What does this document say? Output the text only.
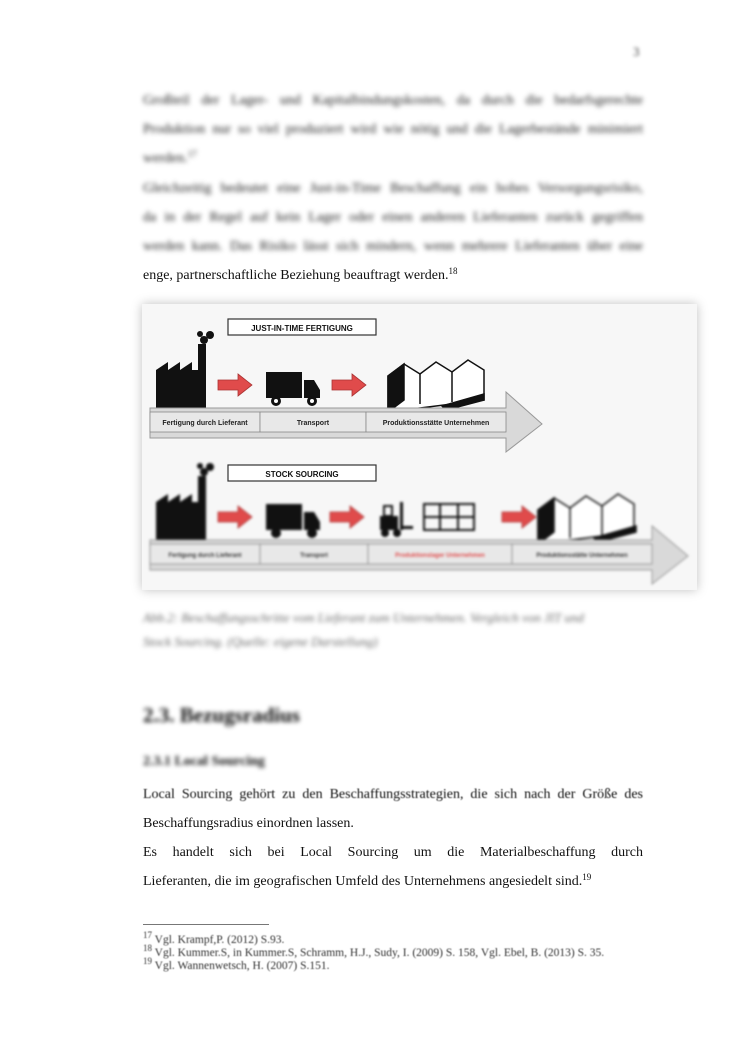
3
Großteil der Lager- und Kapitalbindungskosten, da durch die bedarfsgerechte
Produktion nur so viel produziert wird wie nötig und die Lagerbestände minimiert
werden.$^{17}$
Gleichzeitig bedeutet eine Just-in-Time Beschaffung ein hohes Versorgungsrisiko,
da in der Regel auf kein Lager oder einen anderen Lieferanten zurück gegriffen
werden kann. Das Risiko lässt sich mindern, wenn mehrere Lieferanten über eine
enge, partnerschaftliche Beziehung beauftragt werden.$^{18}$
JUST-IN-TIME FERTIGUNG
Fertigung durch Lieferant	Transport	Produktionsstätte Unternehmen
STOCK SOURCING
Fertigung durch Lieferant	Transport	Produktionslager Unternehmen	Produktionsstätte Unternehmen
Abb.2: Beschaffungsschritte vom Lieferant zum Unternehmen. Vergleich von JIT und
Stock Sourcing. (Quelle: eigene Darstellung)
2.3. Bezugsradius
2.3.1 Local Sourcing
Local Sourcing gehört zu den Beschaffungsstrategien, die sich nach der Größe des
Beschaffungsradius einordnen lassen.
Es handelt sich bei Local Sourcing um die Materialbeschaffung durch
Lieferanten, die im geografischen Umfeld des Unternehmens angesiedelt sind.$^{19}$
$^{17}$ Vgl. Krampf,P. (2012) S.93.
$^{18}$ Vgl. Kummer.S, in Kummer.S, Schramm, H.J., Sudy, I. (2009) S. 158, Vgl. Ebel, B. (2013) S. 35.
$^{19}$ Vgl. Wannenwetsch, H. (2007) S.151.
